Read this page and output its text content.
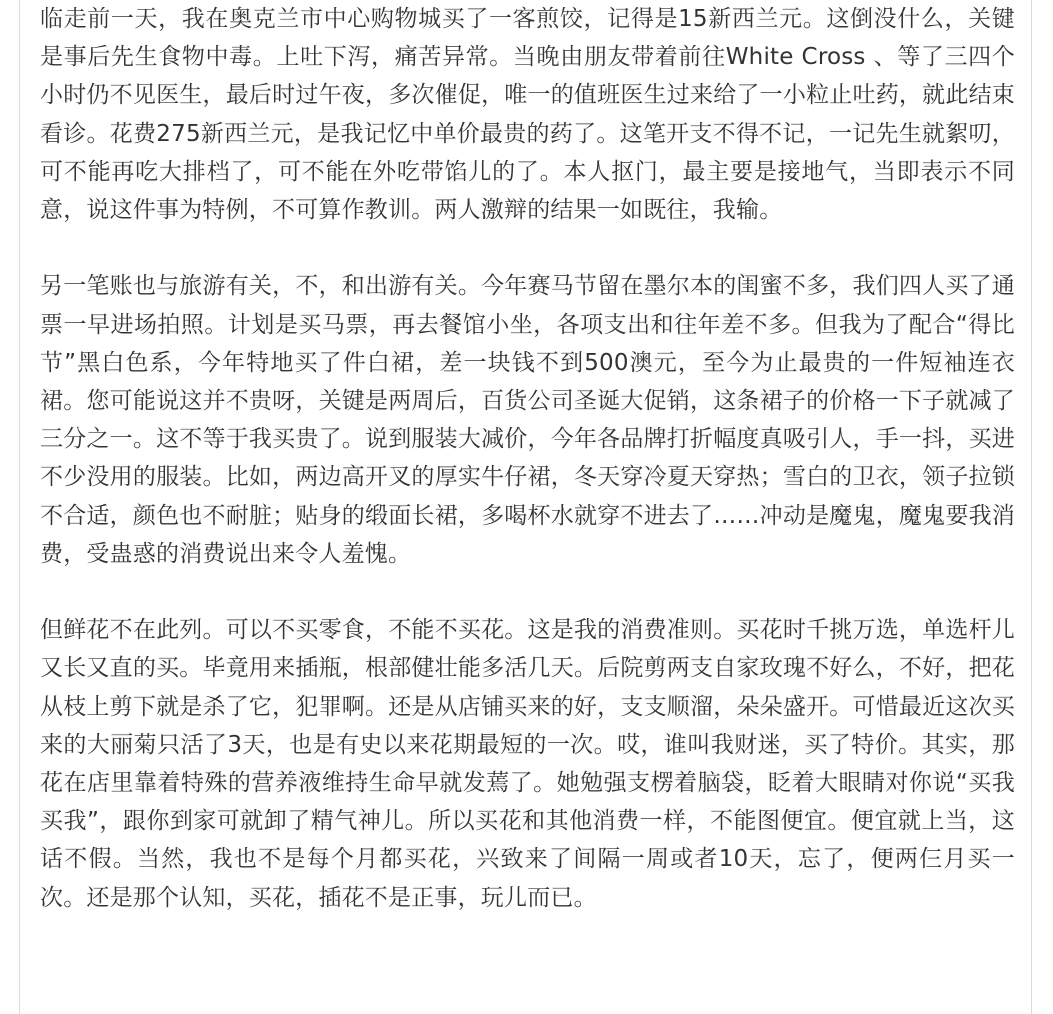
临走前一天，我在奥克兰市中心购物城买了一客煎饺，记得是15新西兰元。这倒没什么，关键是事后先生食物中毒。上吐下泻，痛苦异常。当晚由朋友带着前往White Cross 、等了三四个小时仍不见医生，最后时过午夜，多次催促，唯一的值班医生过来给了一小粒止吐药，就此结束看诊。花费275新西兰元，是我记忆中单价最贵的药了。这笔开支不得不记，一记先生就絮叨，可不能再吃大排档了，可不能在外吃带馅儿的了。本人抠门，最主要是接地气，当即表示不同意，说这件事为特例，不可算作教训。两人激辩的结果一如既往，我输。

另一笔账也与旅游有关，不，和出游有关。今年赛马节留在墨尔本的闺蜜不多，我们四人买了通票一早进场拍照。计划是买马票，再去餐馆小坐，各项支出和往年差不多。但我为了配合“得比节”黑白色系，今年特地买了件白裙，差一块钱不到500澳元，至今为止最贵的一件短袖连衣裙。您可能说这并不贵呀，关键是两周后，百货公司圣诞大促销，这条裙子的价格一下子就减了三分之一。这不等于我买贵了。说到服装大减价，今年各品牌打折幅度真吸引人，手一抖，买进不少没用的服装。比如，两边高开叉的厚实牛仔裙，冬天穿冷夏天穿热；雪白的卫衣，领子拉锁不合适，颜色也不耐脏；贴身的缎面长裙，多喝杯水就穿不进去了……冲动是魔鬼，魔鬼要我消费，受蛊惑的消费说出来令人羞愧。

但鲜花不在此列。可以不买零食，不能不买花。这是我的消费准则。买花时千挑万选，单选杆儿又长又直的买。毕竟用来插瓶，根部健壮能多活几天。后院剪两支自家玫瑰不好么，不好，把花从枝上剪下就是杀了它，犯罪啊。还是从店铺买来的好，支支顺溜，朵朵盛开。可惜最近这次买来的大丽菊只活了3天，也是有史以来花期最短的一次。哎，谁叫我财迷，买了特价。其实，那花在店里靠着特殊的营养液维持生命早就发蔫了。她勉强支楞着脑袋，眨着大眼睛对你说“买我买我”，跟你到家可就卸了精气神儿。所以买花和其他消费一样，不能图便宜。便宜就上当，这话不假。当然，我也不是每个月都买花，兴致来了间隔一周或者10天，忘了，便两仨月买一次。还是那个认知，买花，插花不是正事，玩儿而已。
